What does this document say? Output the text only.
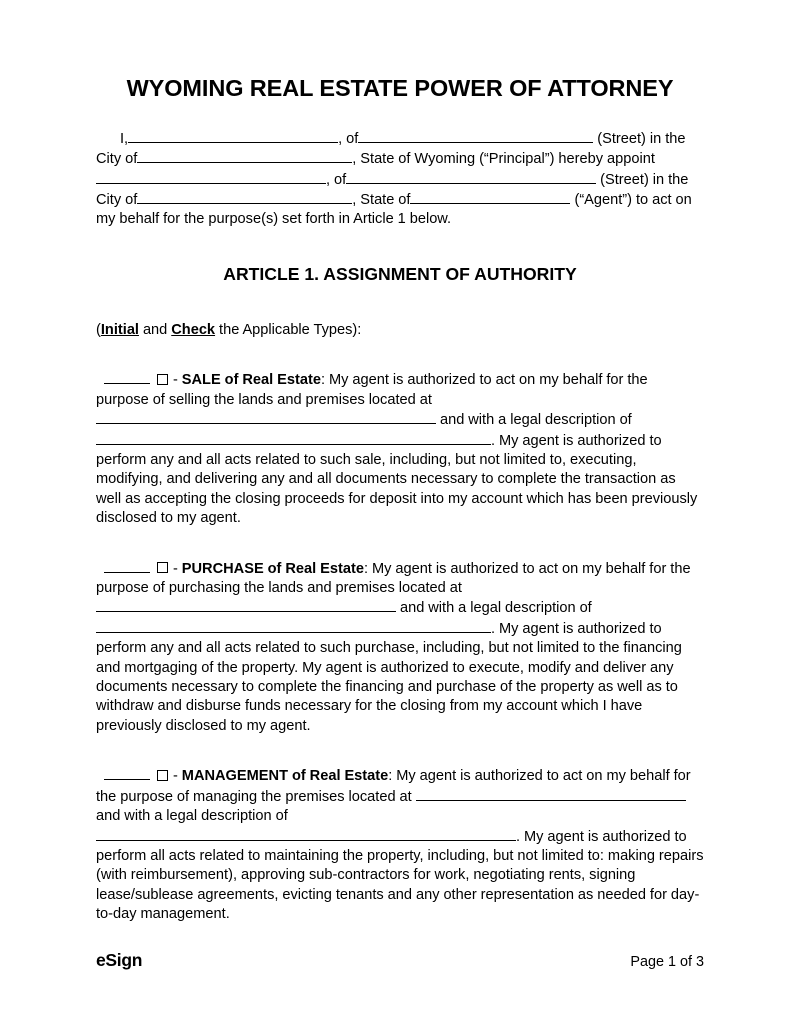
WYOMING REAL ESTATE POWER OF ATTORNEY

I,	, of	(Street) in the City of	, State of Wyoming (“Principal”) hereby appoint , of	(Street) in the City of	, State of	(“Agent”) to act on my behalf for the purpose(s) set forth in Article 1 below.

ARTICLE 1. ASSIGNMENT OF AUTHORITY

(Initial and Check the Applicable Types):

- SALE of Real Estate: My agent is authorized to act on my behalf for the purpose of selling the lands and premises located at  and with a legal description of . My agent is authorized to perform any and all acts related to such sale, including, but not limited to, executing, modifying, and delivering any and all documents necessary to complete the transaction as well as accepting the closing proceeds for deposit into my account which has been previously disclosed to my agent.

- PURCHASE of Real Estate: My agent is authorized to act on my behalf for the purpose of purchasing the lands and premises located at  and with a legal description of . My agent is authorized to perform any and all acts related to such purchase, including, but not limited to the financing and mortgaging of the property. My agent is authorized to execute, modify and deliver any documents necessary to complete the financing and purchase of the property as well as to withdraw and disburse funds necessary for the closing from my account which I have previously disclosed to my agent.

- MANAGEMENT of Real Estate: My agent is authorized to act on my behalf for the purpose of managing the premises located at  and with a legal description of . My agent is authorized to perform all acts related to maintaining the property, including, but not limited to: making repairs (with reimbursement), approving sub-contractors for work, negotiating rents, signing lease/sublease agreements, evicting tenants and any other representation as needed for day-to-day management.

eSign	Page 1 of 3
